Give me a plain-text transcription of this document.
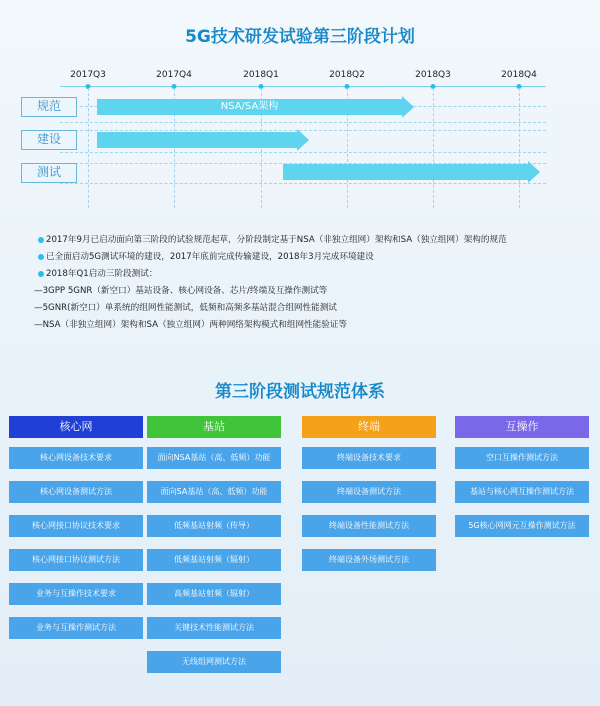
5G技术研发试验第三阶段计划
2017Q3	2017Q4	2018Q1	2018Q2	2018Q3	2018Q4
规范
建设
测试
NSA/SA架构
2017年9月已启动面向第三阶段的试验规范起草，分阶段制定基于NSA（非独立组网）架构和SA（独立组网）架构的规范
已全面启动5G测试环境的建设，2017年底前完成传输建设，2018年3月完成环境建设
2018年Q1启动三阶段测试：
—3GPP 5GNR（新空口）基站设备、核心网设备、芯片/终端及互操作测试等
—5GNR(新空口）单系统的组网性能测试，低频和高频多基站混合组网性能测试
—NSA（非独立组网）架构和SA（独立组网）两种网络架构模式和组网性能验证等
第三阶段测试规范体系
核心网
核心网设备技术要求
核心网设备测试方法
核心网接口协议技术要求
核心网接口协议测试方法
业务与互操作技术要求
业务与互操作测试方法
基站
面向NSA基站（高、低频）功能
面向SA基站（高、低频）功能
低频基站射频（传导）
低频基站射频（辐射）
高频基站射频（辐射）
关键技术性能测试方法
无线组网测试方法
终端
终端设备技术要求
终端设备测试方法
终端设备性能测试方法
终端设备外场测试方法
互操作
空口互操作测试方法
基站与核心网互操作测试方法
5G核心网网元互操作测试方法
